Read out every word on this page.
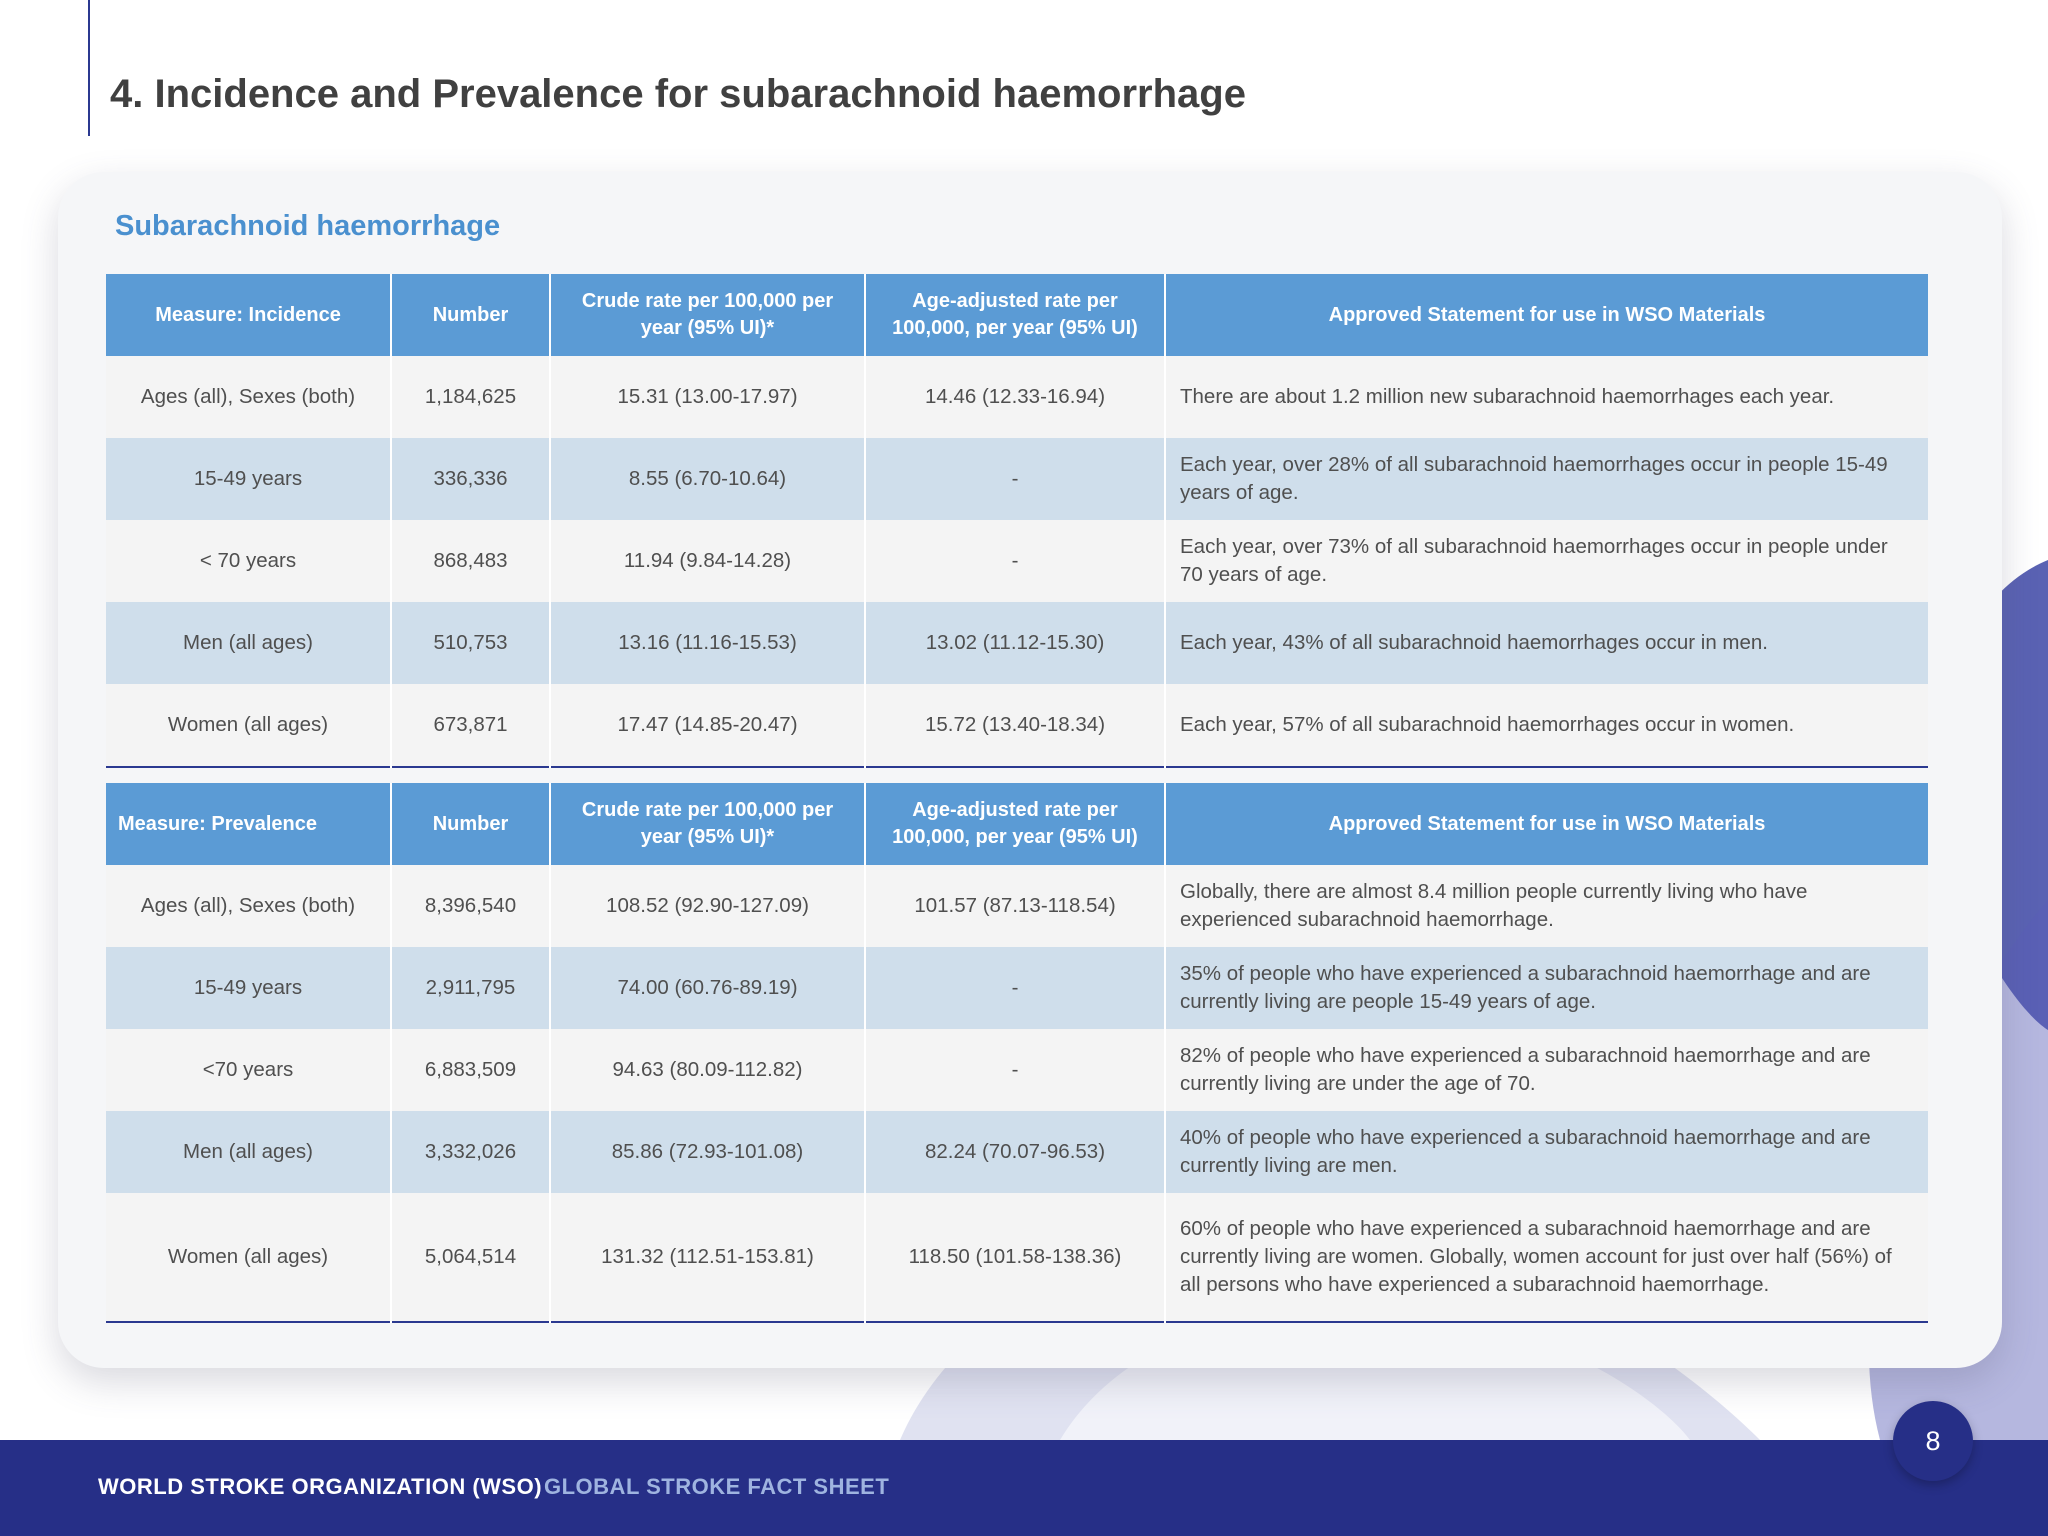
4. Incidence and Prevalence for subarachnoid haemorrhage
Subarachnoid haemorrhage
Measure: Incidence	Number	Crude rate per 100,000 per year (95% UI)*	Age-adjusted rate per 100,000, per year (95% UI)	Approved Statement for use in WSO Materials
Ages (all), Sexes (both)	1,184,625	15.31 (13.00-17.97)	14.46 (12.33-16.94)	There are about 1.2 million new subarachnoid haemorrhages each year.
15-49 years	336,336	8.55 (6.70-10.64)	-	Each year, over 28% of all subarachnoid haemorrhages occur in people 15-49 years of age.
< 70 years	868,483	11.94 (9.84-14.28)	-	Each year, over 73% of all subarachnoid haemorrhages occur in people under 70 years of age.
Men (all ages)	510,753	13.16 (11.16-15.53)	13.02 (11.12-15.30)	Each year, 43% of all subarachnoid haemorrhages occur in men.
Women (all ages)	673,871	17.47 (14.85-20.47)	15.72 (13.40-18.34)	Each year, 57% of all subarachnoid haemorrhages occur in women.
Measure: Prevalence	Number	Crude rate per 100,000 per year (95% UI)*	Age-adjusted rate per 100,000, per year (95% UI)	Approved Statement for use in WSO Materials
Ages (all), Sexes (both)	8,396,540	108.52 (92.90-127.09)	101.57 (87.13-118.54)	Globally, there are almost 8.4 million people currently living who have experienced subarachnoid haemorrhage.
15-49 years	2,911,795	74.00 (60.76-89.19)	-	35% of people who have experienced a subarachnoid haemorrhage and are currently living are people 15-49 years of age.
<70 years	6,883,509	94.63 (80.09-112.82)	-	82% of people who have experienced a subarachnoid haemorrhage and are currently living are under the age of 70.
Men (all ages)	3,332,026	85.86 (72.93-101.08)	82.24 (70.07-96.53)	40% of people who have experienced a subarachnoid haemorrhage and are currently living are men.
Women (all ages)	5,064,514	131.32 (112.51-153.81)	118.50 (101.58-138.36)	60% of people who have experienced a subarachnoid haemorrhage and are currently living are women. Globally, women account for just over half (56%) of all persons who have experienced a subarachnoid haemorrhage.
WORLD STROKE ORGANIZATION (WSO) GLOBAL STROKE FACT SHEET
8
